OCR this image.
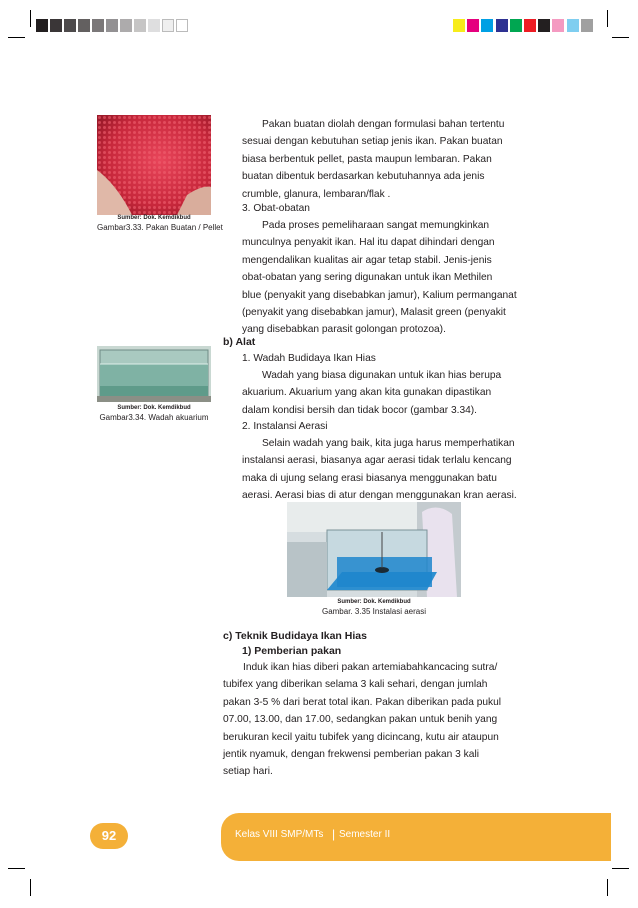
Sumber: Dok. Kemdikbud
Gambar3.33. Pakan Buatan / Pellet
Sumber: Dok. Kemdikbud
Gambar3.34. Wadah akuarium
Sumber: Dok. Kemdikbud
Gambar. 3.35 Instalasi aerasi
Pakan buatan diolah dengan formulasi bahan tertentu
sesuai dengan kebutuhan setiap jenis ikan. Pakan buatan
biasa berbentuk pellet, pasta maupun lembaran. Pakan
buatan dibentuk berdasarkan kebutuhannya ada jenis
crumble, glanura, lembaran/flak .
3. Obat-obatan
Pada proses pemeliharaan sangat memungkinkan
munculnya penyakit ikan. Hal itu dapat dihindari dengan
mengendalikan kualitas air agar tetap stabil. Jenis-jenis
obat-obatan yang sering digunakan untuk ikan Methilen
blue (penyakit yang disebabkan jamur), Kalium permanganat
(penyakit yang disebabkan jamur), Malasit green (penyakit
yang disebabkan parasit golongan protozoa).
b) Alat
1. Wadah Budidaya Ikan Hias
Wadah yang biasa digunakan untuk ikan hias berupa
akuarium. Akuarium yang akan kita gunakan dipastikan
dalam kondisi bersih dan tidak bocor (gambar 3.34).
2. Instalansi Aerasi
Selain wadah yang baik, kita juga harus memperhatikan
instalansi aerasi, biasanya agar aerasi tidak terlalu kencang
maka di ujung selang erasi biasanya menggunakan batu
aerasi. Aerasi bias di atur dengan menggunakan kran aerasi.
c) Teknik Budidaya Ikan Hias
1) Pemberian pakan
Induk ikan hias diberi pakan artemiabahkancacing sutra/
tubifex yang diberikan selama 3 kali sehari, dengan jumlah
pakan 3-5 % dari berat total ikan. Pakan diberikan pada pukul
07.00, 13.00, dan 17.00, sedangkan pakan untuk benih yang
berukuran kecil yaitu tubifek yang dicincang, kutu air ataupun
jentik nyamuk, dengan frekwensi pemberian pakan 3 kali
setiap hari.
92	Kelas VIII SMP/MTs | Semester II
